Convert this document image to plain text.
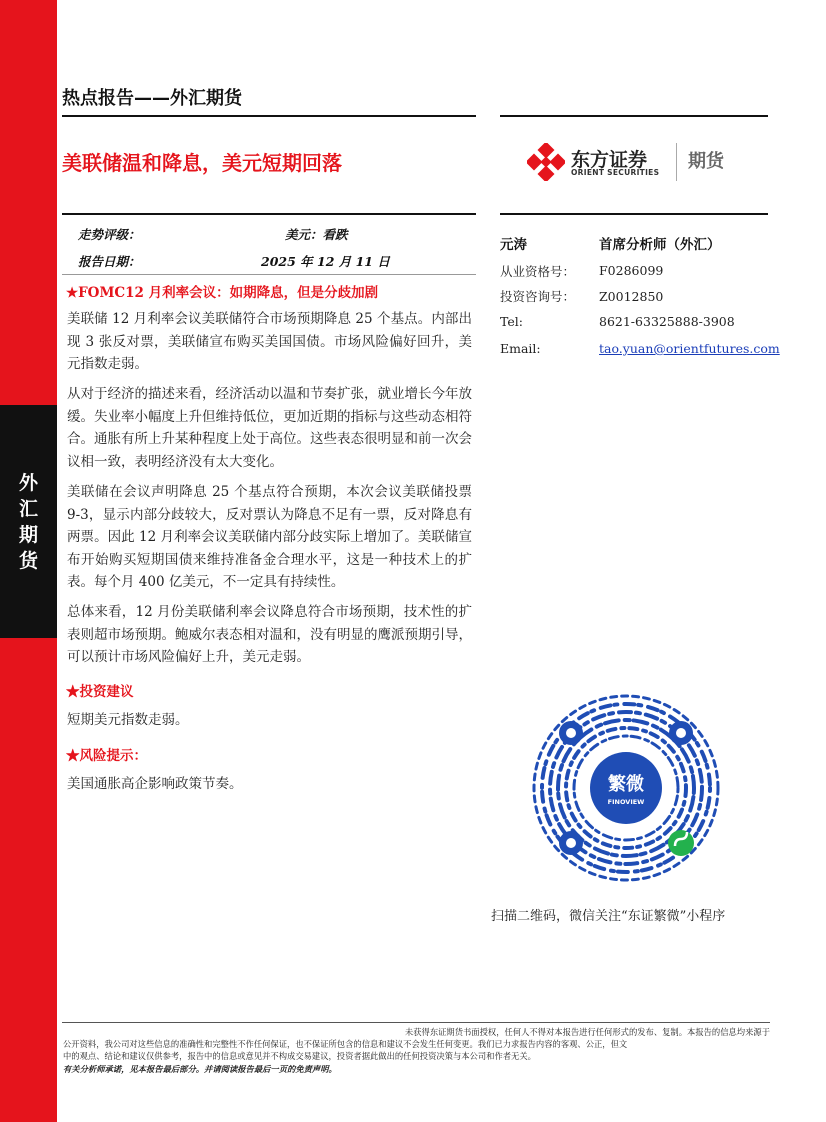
外
汇
期
货
热点报告——外汇期货
美联储温和降息，美元短期回落	东方证券
ORIENT SECURITIES
期货
走势评级：	美元：看跌
报告日期：	2025 年 12 月 11 日
★FOMC12 月利率会议：如期降息，但是分歧加剧
美联储 12 月利率会议美联储符合市场预期降息 25 个基点。内部出现 3 张反对票，美联储宣布购买美国国债。市场风险偏好回升，美元指数走弱。
从对于经济的描述来看，经济活动以温和节奏扩张，就业增长今年放缓。失业率小幅度上升但维持低位，更加近期的指标与这些动态相符合。通胀有所上升某种程度上处于高位。这些表态很明显和前一次会议相一致，表明经济没有太大变化。
美联储在会议声明降息 25 个基点符合预期，本次会议美联储投票 9-3，显示内部分歧较大，反对票认为降息不足有一票，反对降息有两票。因此 12 月利率会议美联储内部分歧实际上增加了。美联储宣布开始购买短期国债来维持准备金合理水平，这是一种技术上的扩表。每个月 400 亿美元，不一定具有持续性。
总体来看，12 月份美联储利率会议降息符合市场预期，技术性的扩表则超市场预期。鲍威尔表态相对温和，没有明显的鹰派预期引导，可以预计市场风险偏好上升，美元走弱。
★投资建议
短期美元指数走弱。
★风险提示：
美国通胀高企影响政策节奏。
元涛	首席分析师（外汇）
从业资格号： F0286099
投资咨询号： Z0012850
Tel:	8621-63325888-3908
Email:	tao.yuan@orientfutures.com
繁微
FINOVIEW
扫描二维码，微信关注“东证繁微”小程序
未获得东证期货书面授权，任何人不得对本报告进行任何形式的发布、复制。本报告的信息均来源于
公开资料，我公司对这些信息的准确性和完整性不作任何保证，也不保证所包含的信息和建议不会发生任何变更。我们已力求报告内容的客观、公正，但文
中的观点、结论和建议仅供参考，报告中的信息或意见并不构成交易建议，投资者据此做出的任何投资决策与本公司和作者无关。
有关分析师承诺，见本报告最后部分。并请阅读报告最后一页的免责声明。
